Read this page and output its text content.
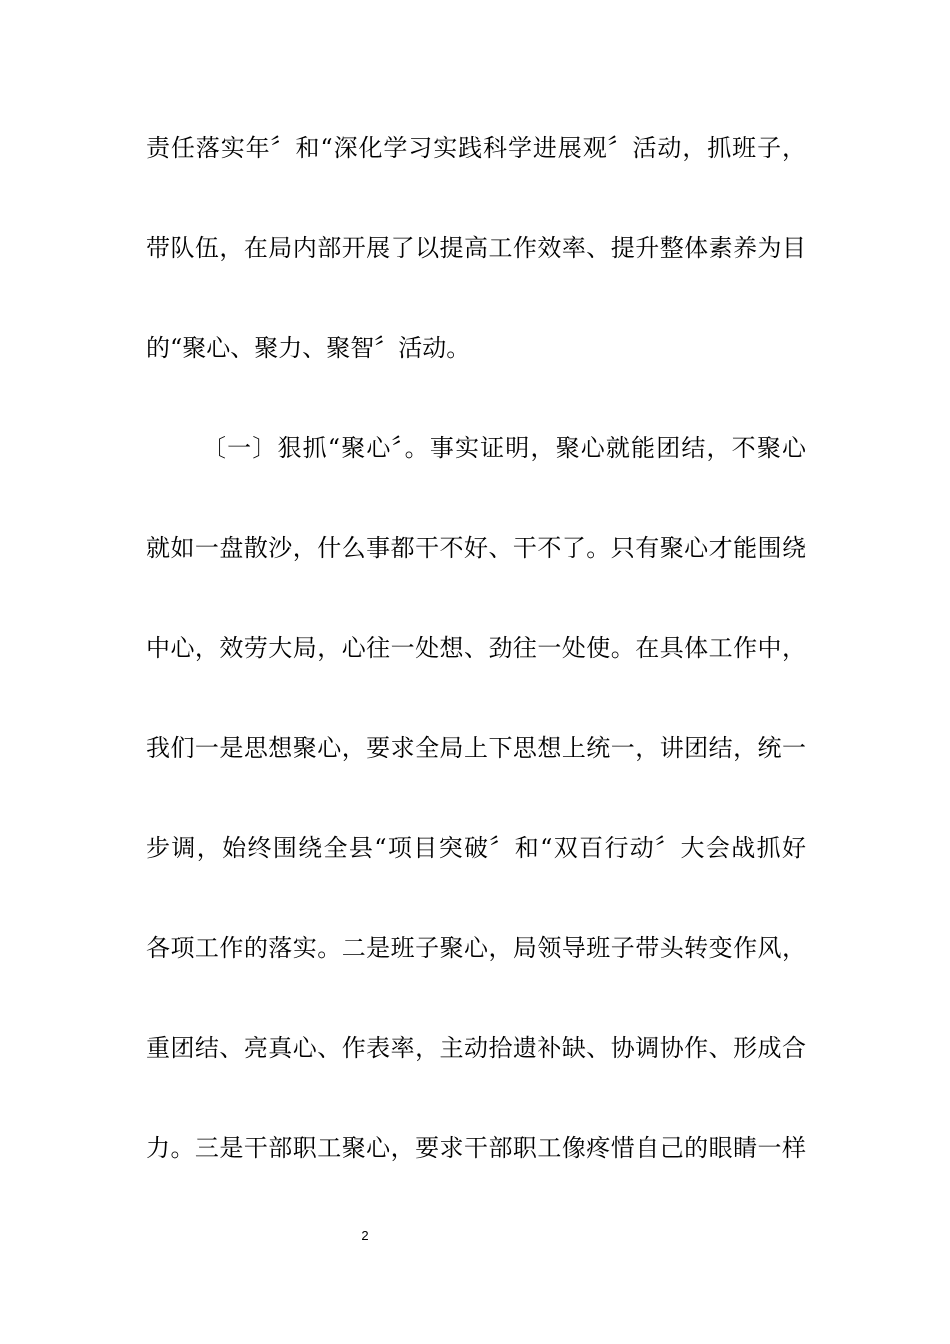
责任落实年〞和“深化学习实践科学进展观〞活动，抓班子，
带队伍，在局内部开展了以提高工作效率、提升整体素养为目
的“聚心、聚力、聚智〞活动。
〔一〕狠抓“聚心〞。事实证明，聚心就能团结，不聚心
就如一盘散沙，什么事都干不好、干不了。只有聚心才能围绕
中心，效劳大局，心往一处想、劲往一处使。在具体工作中，
我们一是思想聚心，要求全局上下思想上统一，讲团结，统一
步调，始终围绕全县“项目突破〞和“双百行动〞大会战抓好
各项工作的落实。二是班子聚心，局领导班子带头转变作风，
重团结、亮真心、作表率，主动拾遗补缺、协调协作、形成合
力。三是干部职工聚心，要求干部职工像疼惜自己的眼睛一样
2
